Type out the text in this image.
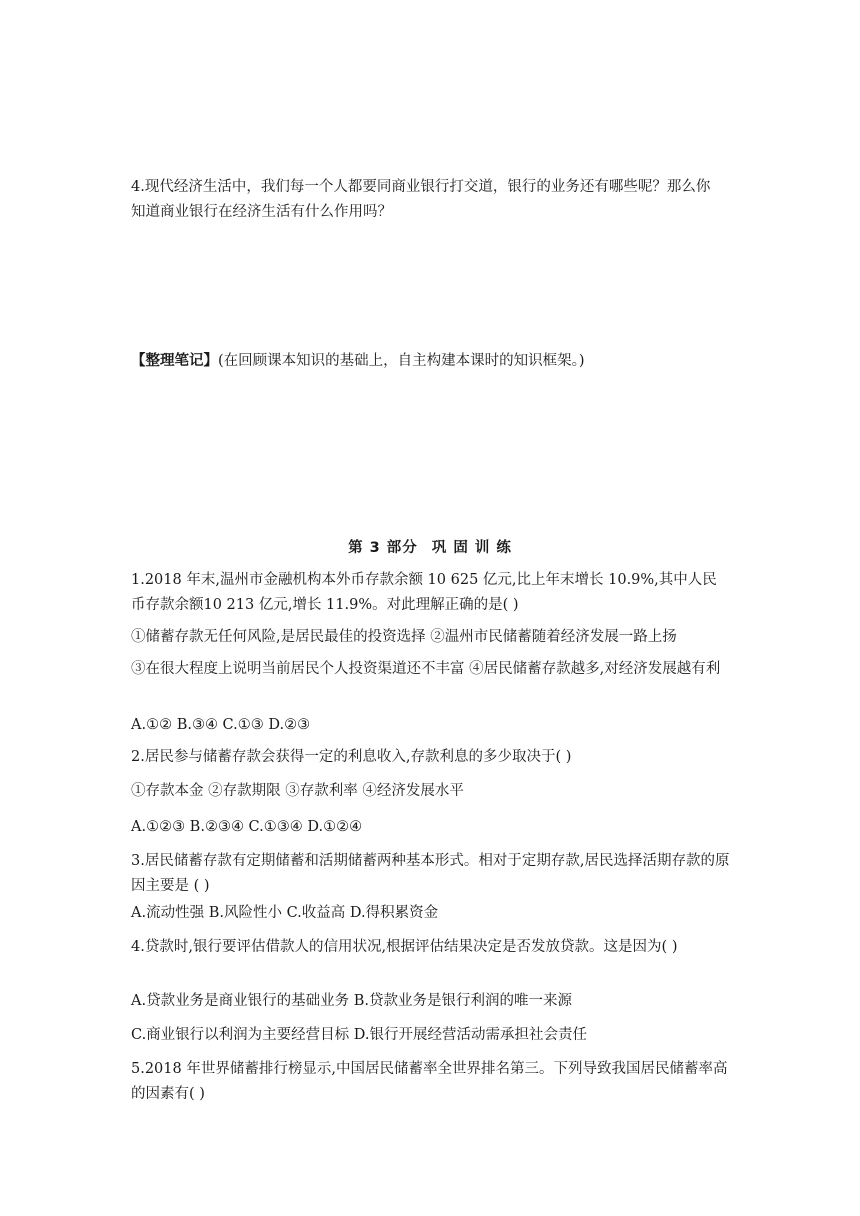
4.现代经济生活中，我们每一个人都要同商业银行打交道，银行的业务还有哪些呢？那么你
知道商业银行在经济生活有什么作用吗？
【整理笔记】(在回顾课本知识的基础上，自主构建本课时的知识框架。)
第 3 部分 巩 固 训 练
1.2018 年末,温州市金融机构本外币存款余额 10 625 亿元,比上年末增长 10.9%,其中人民币存款余额10 213 亿元,增长 11.9%。对此理解正确的是( )
①储蓄存款无任何风险,是居民最佳的投资选择 ②温州市民储蓄随着经济发展一路上扬
③在很大程度上说明当前居民个人投资渠道还不丰富 ④居民储蓄存款越多,对经济发展越有利
A.①② B.③④ C.①③ D.②③
2.居民参与储蓄存款会获得一定的利息收入,存款利息的多少取决于( )
①存款本金 ②存款期限 ③存款利率 ④经济发展水平
A.①②③ B.②③④ C.①③④ D.①②④
3.居民储蓄存款有定期储蓄和活期储蓄两种基本形式。相对于定期存款,居民选择活期存款的原因主要是 ( )
A.流动性强 B.风险性小 C.收益高 D.得积累资金
4.贷款时,银行要评估借款人的信用状况,根据评估结果决定是否发放贷款。这是因为( )
A.贷款业务是商业银行的基础业务 B.贷款业务是银行利润的唯一来源
C.商业银行以利润为主要经营目标 D.银行开展经营活动需承担社会责任
5.2018 年世界储蓄排行榜显示,中国居民储蓄率全世界排名第三。下列导致我国居民储蓄率高的因素有( )
